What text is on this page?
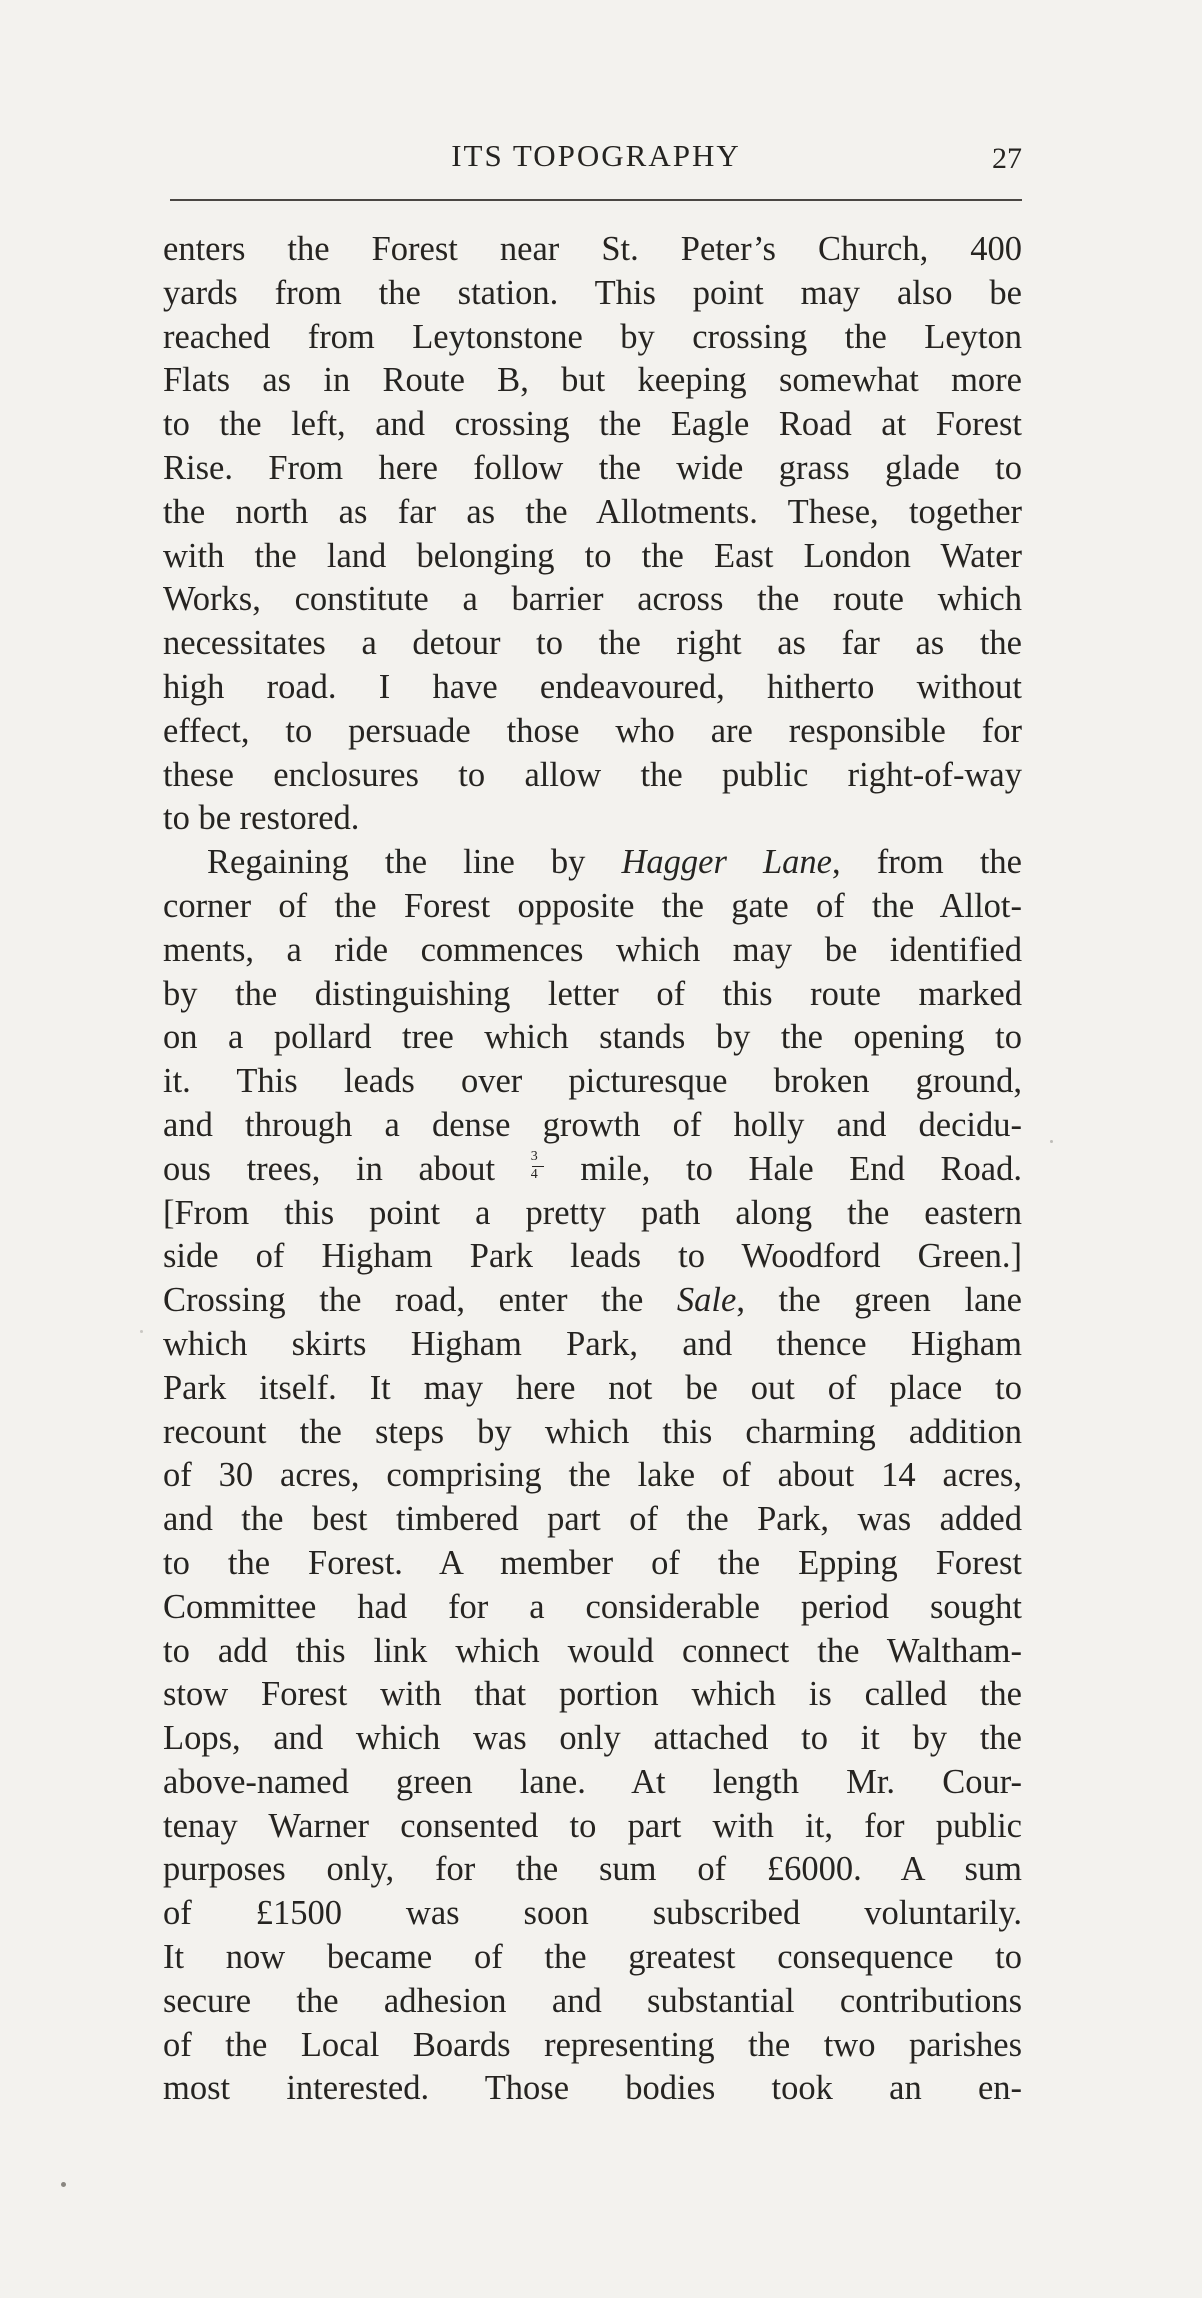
ITS TOPOGRAPHY	27
enters the Forest near St. Peter’s Church, 400
yards from the station. This point may also be
reached from Leytonstone by crossing the Leyton
Flats as in Route B, but keeping somewhat more
to the left, and crossing the Eagle Road at Forest
Rise. From here follow the wide grass glade to
the north as far as the Allotments. These, together
with the land belonging to the East London Water
Works, constitute a barrier across the route which
necessitates a detour to the right as far as the
high road. I have endeavoured, hitherto without
effect, to persuade those who are responsible for
these enclosures to allow the public right-of-way
to be restored.
Regaining the line by Hagger Lane, from the
corner of the Forest opposite the gate of the Allot-
ments, a ride commences which may be identified
by the distinguishing letter of this route marked
on a pollard tree which stands by the opening to
it. This leads over picturesque broken ground,
and through a dense growth of holly and decidu-
ous trees, in about $\frac{3}{4}$ mile, to Hale End Road.
[From this point a pretty path along the eastern
side of Higham Park leads to Woodford Green.]
Crossing the road, enter the Sale, the green lane
which skirts Higham Park, and thence Higham
Park itself. It may here not be out of place to
recount the steps by which this charming addition
of 30 acres, comprising the lake of about 14 acres,
and the best timbered part of the Park, was added
to the Forest. A member of the Epping Forest
Committee had for a considerable period sought
to add this link which would connect the Waltham-
stow Forest with that portion which is called the
Lops, and which was only attached to it by the
above-named green lane. At length Mr. Cour-
tenay Warner consented to part with it, for public
purposes only, for the sum of £6000. A sum
of £1500 was soon subscribed voluntarily.
It now became of the greatest consequence to
secure the adhesion and substantial contributions
of the Local Boards representing the two parishes
most interested. Those bodies took an en-
